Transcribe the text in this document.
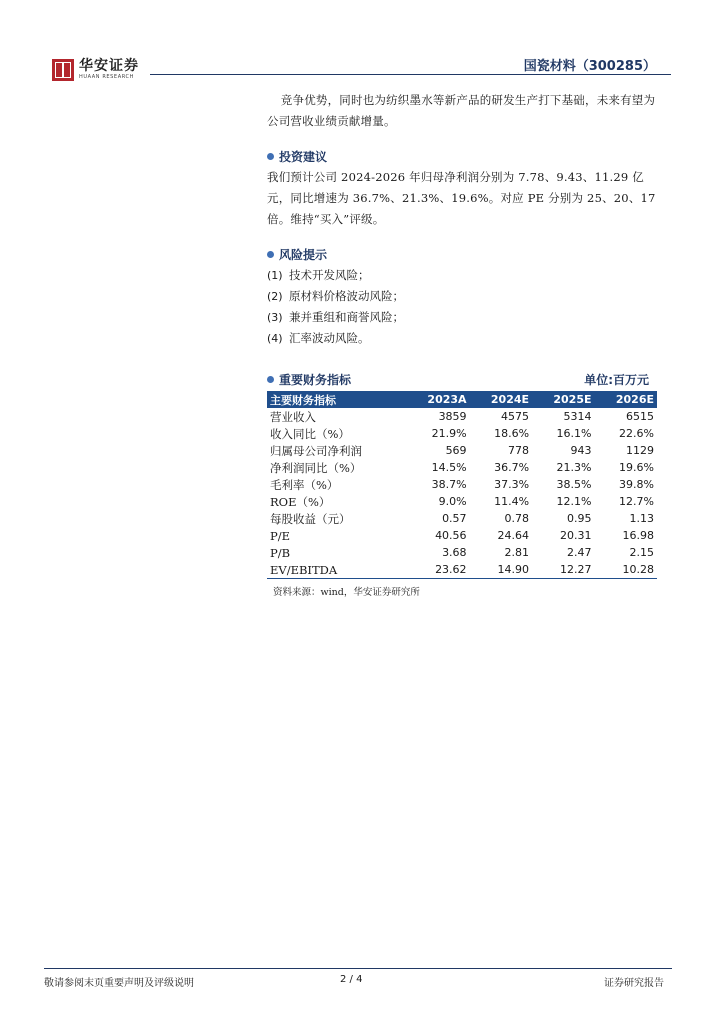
华安证券
HUAAN RESEARCH
国瓷材料（300285）

竞争优势，同时也为纺织墨水等新产品的研发生产打下基础，未来有望为公司营收业绩贡献增量。

投资建议

我们预计公司 2024-2026 年归母净利润分别为 7.78、9.43、11.29 亿元，同比增速为 36.7%、21.3%、19.6%。对应 PE 分别为 25、20、17 倍。维持“买入”评级。

风险提示
(1) 技术开发风险；
(2) 原材料价格波动风险；
(3) 兼并重组和商誉风险；
(4) 汇率波动风险。
重要财务指标	单位:百万元
主要财务指标	2023A	2024E	2025E	2026E
营业收入	3859	4575	5314	6515
收入同比（%）	21.9%	18.6%	16.1%	22.6%
归属母公司净利润	569	778	943	1129
净利润同比（%）	14.5%	36.7%	21.3%	19.6%
毛利率（%）	38.7%	37.3%	38.5%	39.8%
ROE（%）	9.0%	11.4%	12.1%	12.7%
每股收益（元）	0.57	0.78	0.95	1.13
P/E	40.56	24.64	20.31	16.98
P/B	3.68	2.81	2.47	2.15
EV/EBITDA	23.62	14.90	12.27	10.28
资料来源：wind，华安证券研究所
敬请参阅末页重要声明及评级说明	2 / 4	证券研究报告
